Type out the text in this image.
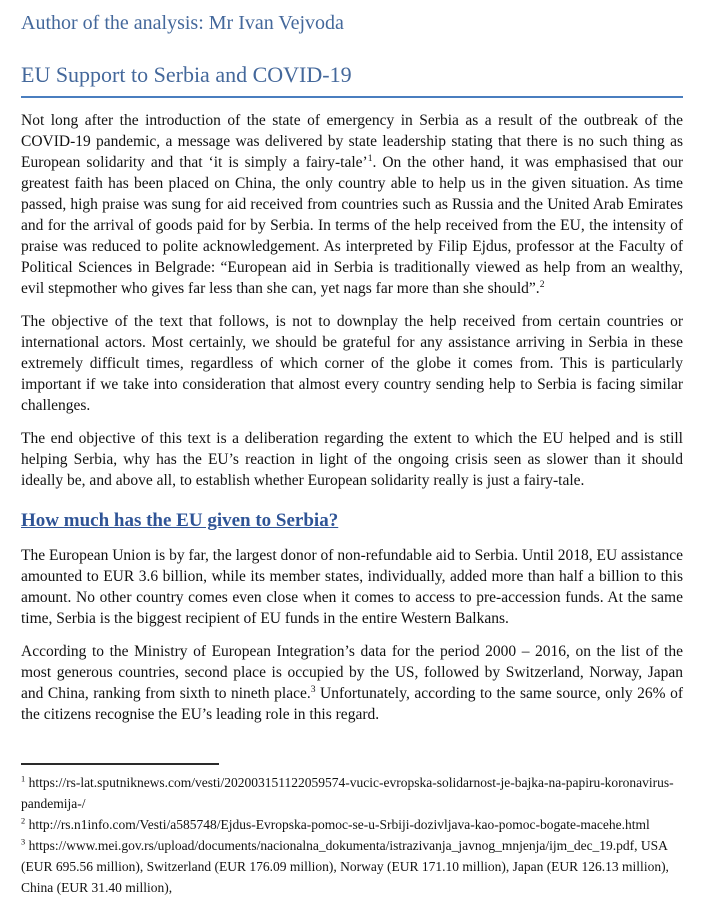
Author of the analysis: Mr Ivan Vejvoda
EU Support to Serbia and COVID-19

Not long after the introduction of the state of emergency in Serbia as a result of the outbreak of the COVID-19 pandemic, a message was delivered by state leadership stating that there is no such thing as European solidarity and that ‘it is simply a fairy-tale’$^1$. On the other hand, it was emphasised that our greatest faith has been placed on China, the only country able to help us in the given situation. As time passed, high praise was sung for aid received from countries such as Russia and the United Arab Emirates and for the arrival of goods paid for by Serbia. In terms of the help received from the EU, the intensity of praise was reduced to polite acknowledgement. As interpreted by Filip Ejdus, professor at the Faculty of Political Sciences in Belgrade: “European aid in Serbia is traditionally viewed as help from an wealthy, evil stepmother who gives far less than she can, yet nags far more than she should”.$^2$

The objective of the text that follows, is not to downplay the help received from certain countries or international actors. Most certainly, we should be grateful for any assistance arriving in Serbia in these extremely difficult times, regardless of which corner of the globe it comes from. This is particularly important if we take into consideration that almost every country sending help to Serbia is facing similar challenges.

The end objective of this text is a deliberation regarding the extent to which the EU helped and is still helping Serbia, why has the EU’s reaction in light of the ongoing crisis seen as slower than it should ideally be, and above all, to establish whether European solidarity really is just a fairy-tale.

How much has the EU given to Serbia?

The European Union is by far, the largest donor of non-refundable aid to Serbia. Until 2018, EU assistance amounted to EUR 3.6 billion, while its member states, individually, added more than half a billion to this amount. No other country comes even close when it comes to access to pre-accession funds. At the same time, Serbia is the biggest recipient of EU funds in the entire Western Balkans.

According to the Ministry of European Integration’s data for the period 2000 – 2016, on the list of the most generous countries, second place is occupied by the US, followed by Switzerland, Norway, Japan and China, ranking from sixth to nineth place.$^3$ Unfortunately, according to the same source, only 26% of the citizens recognise the EU’s leading role in this regard.

$^1$ https://rs-lat.sputniknews.com/vesti/202003151122059574-vucic-evropska-solidarnost-je-bajka-na-papiru-koronavirus-pandemija-/

$^2$ http://rs.n1info.com/Vesti/a585748/Ejdus-Evropska-pomoc-se-u-Srbiji-dozivljava-kao-pomoc-bogate-macehe.html

$^3$ https://www.mei.gov.rs/upload/documents/nacionalna_dokumenta/istrazivanja_javnog_mnjenja/ijm_dec_19.pdf, USA (EUR 695.56 million), Switzerland (EUR 176.09 million), Norway (EUR 171.10 million), Japan (EUR 126.13 million), China (EUR 31.40 million),
